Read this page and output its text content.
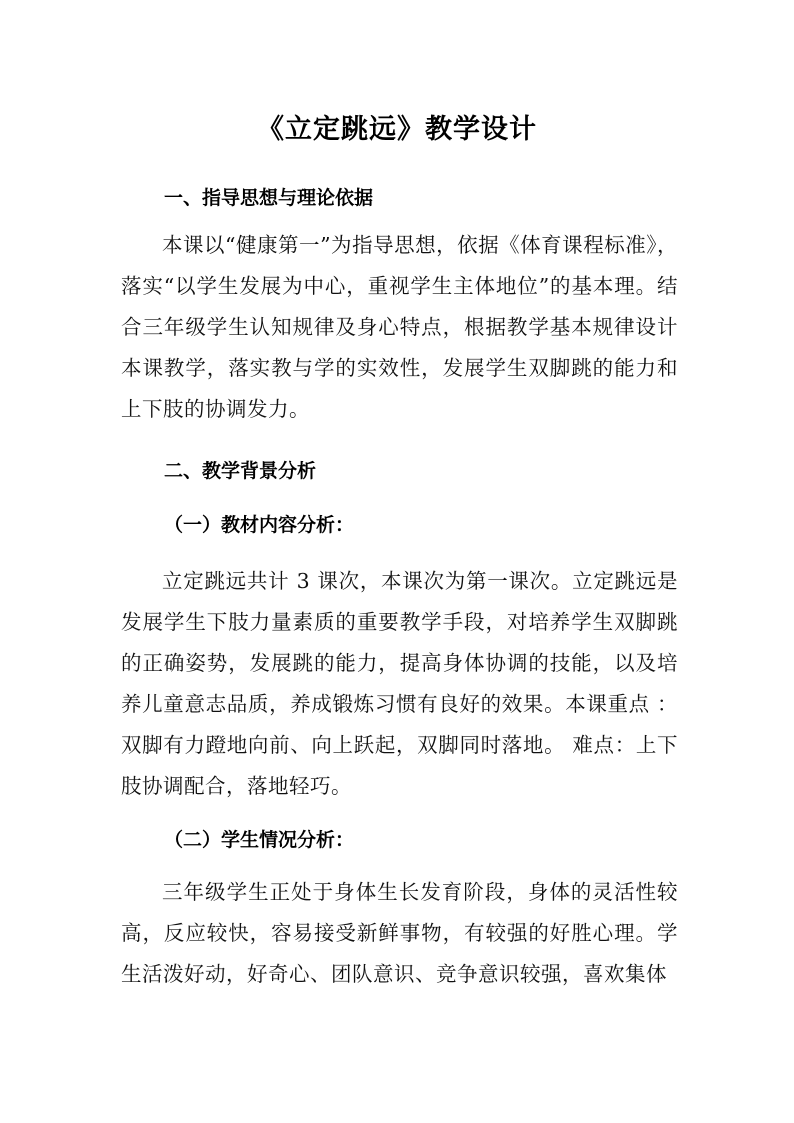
《立定跳远》教学设计
一、指导思想与理论依据

本课以“健康第一”为指导思想，依据《体育课程标准》，落实“以学生发展为中心，重视学生主体地位”的基本理。结合三年级学生认知规律及身心特点，根据教学基本规律设计本课教学，落实教与学的实效性，发展学生双脚跳的能力和上下肢的协调发力。

二、教学背景分析
（一）教材内容分析：

立定跳远共计 3 课次，本课次为第一课次。立定跳远是发展学生下肢力量素质的重要教学手段，对培养学生双脚跳的正确姿势，发展跳的能力，提高身体协调的技能，以及培养儿童意志品质，养成锻炼习惯有良好的效果。本课重点 ：双脚有力蹬地向前、向上跃起，双脚同时落地。 难点：上下肢协调配合，落地轻巧。

（二）学生情况分析：

三年级学生正处于身体生长发育阶段，身体的灵活性较高，反应较快，容易接受新鲜事物，有较强的好胜心理。学生活泼好动，好奇心、团队意识、竞争意识较强，喜欢集体
